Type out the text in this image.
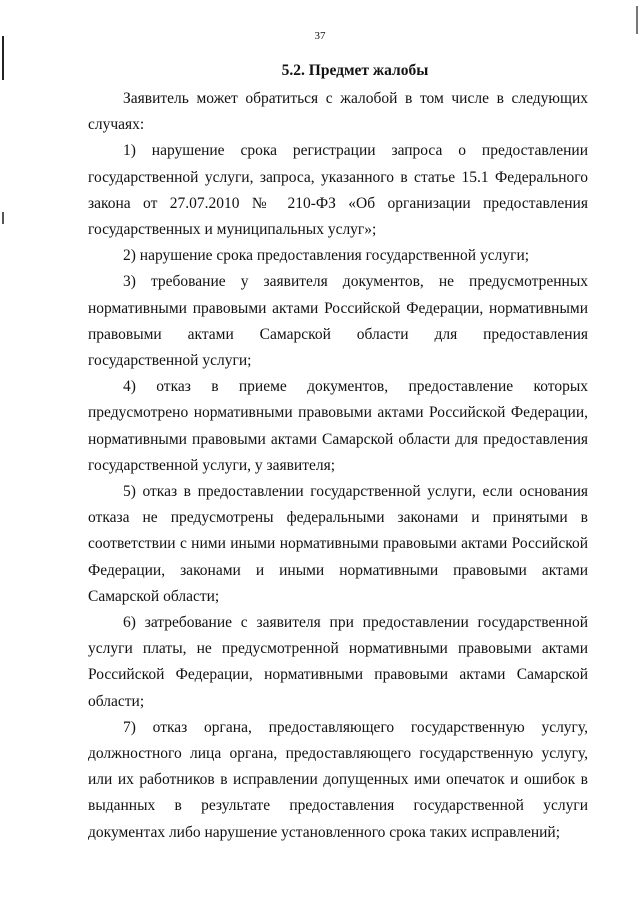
37
5.2. Предмет жалобы

Заявитель может обратиться с жалобой в том числе в следующих случаях:

1) нарушение срока регистрации запроса о предоставлении государственной услуги, запроса, указанного в статье 15.1 Федерального закона от 27.07.2010 № 210-ФЗ «Об организации предоставления государственных и муниципальных услуг»;

2) нарушение срока предоставления государственной услуги;

3) требование у заявителя документов, не предусмотренных нормативными правовыми актами Российской Федерации, нормативными правовыми актами Самарской области для предоставления государственной услуги;

4) отказ в приеме документов, предоставление которых предусмотрено нормативными правовыми актами Российской Федерации, нормативными правовыми актами Самарской области для предоставления государственной услуги, у заявителя;

5) отказ в предоставлении государственной услуги, если основания отказа не предусмотрены федеральными законами и принятыми в соответствии с ними иными нормативными правовыми актами Российской Федерации, законами и иными нормативными правовыми актами Самарской области;

6) затребование с заявителя при предоставлении государственной услуги платы, не предусмотренной нормативными правовыми актами Российской Федерации, нормативными правовыми актами Самарской области;

7) отказ органа, предоставляющего государственную услугу, должностного лица органа, предоставляющего государственную услугу, или их работников в исправлении допущенных ими опечаток и ошибок в выданных в результате предоставления государственной услуги документах либо нарушение установленного срока таких исправлений;
